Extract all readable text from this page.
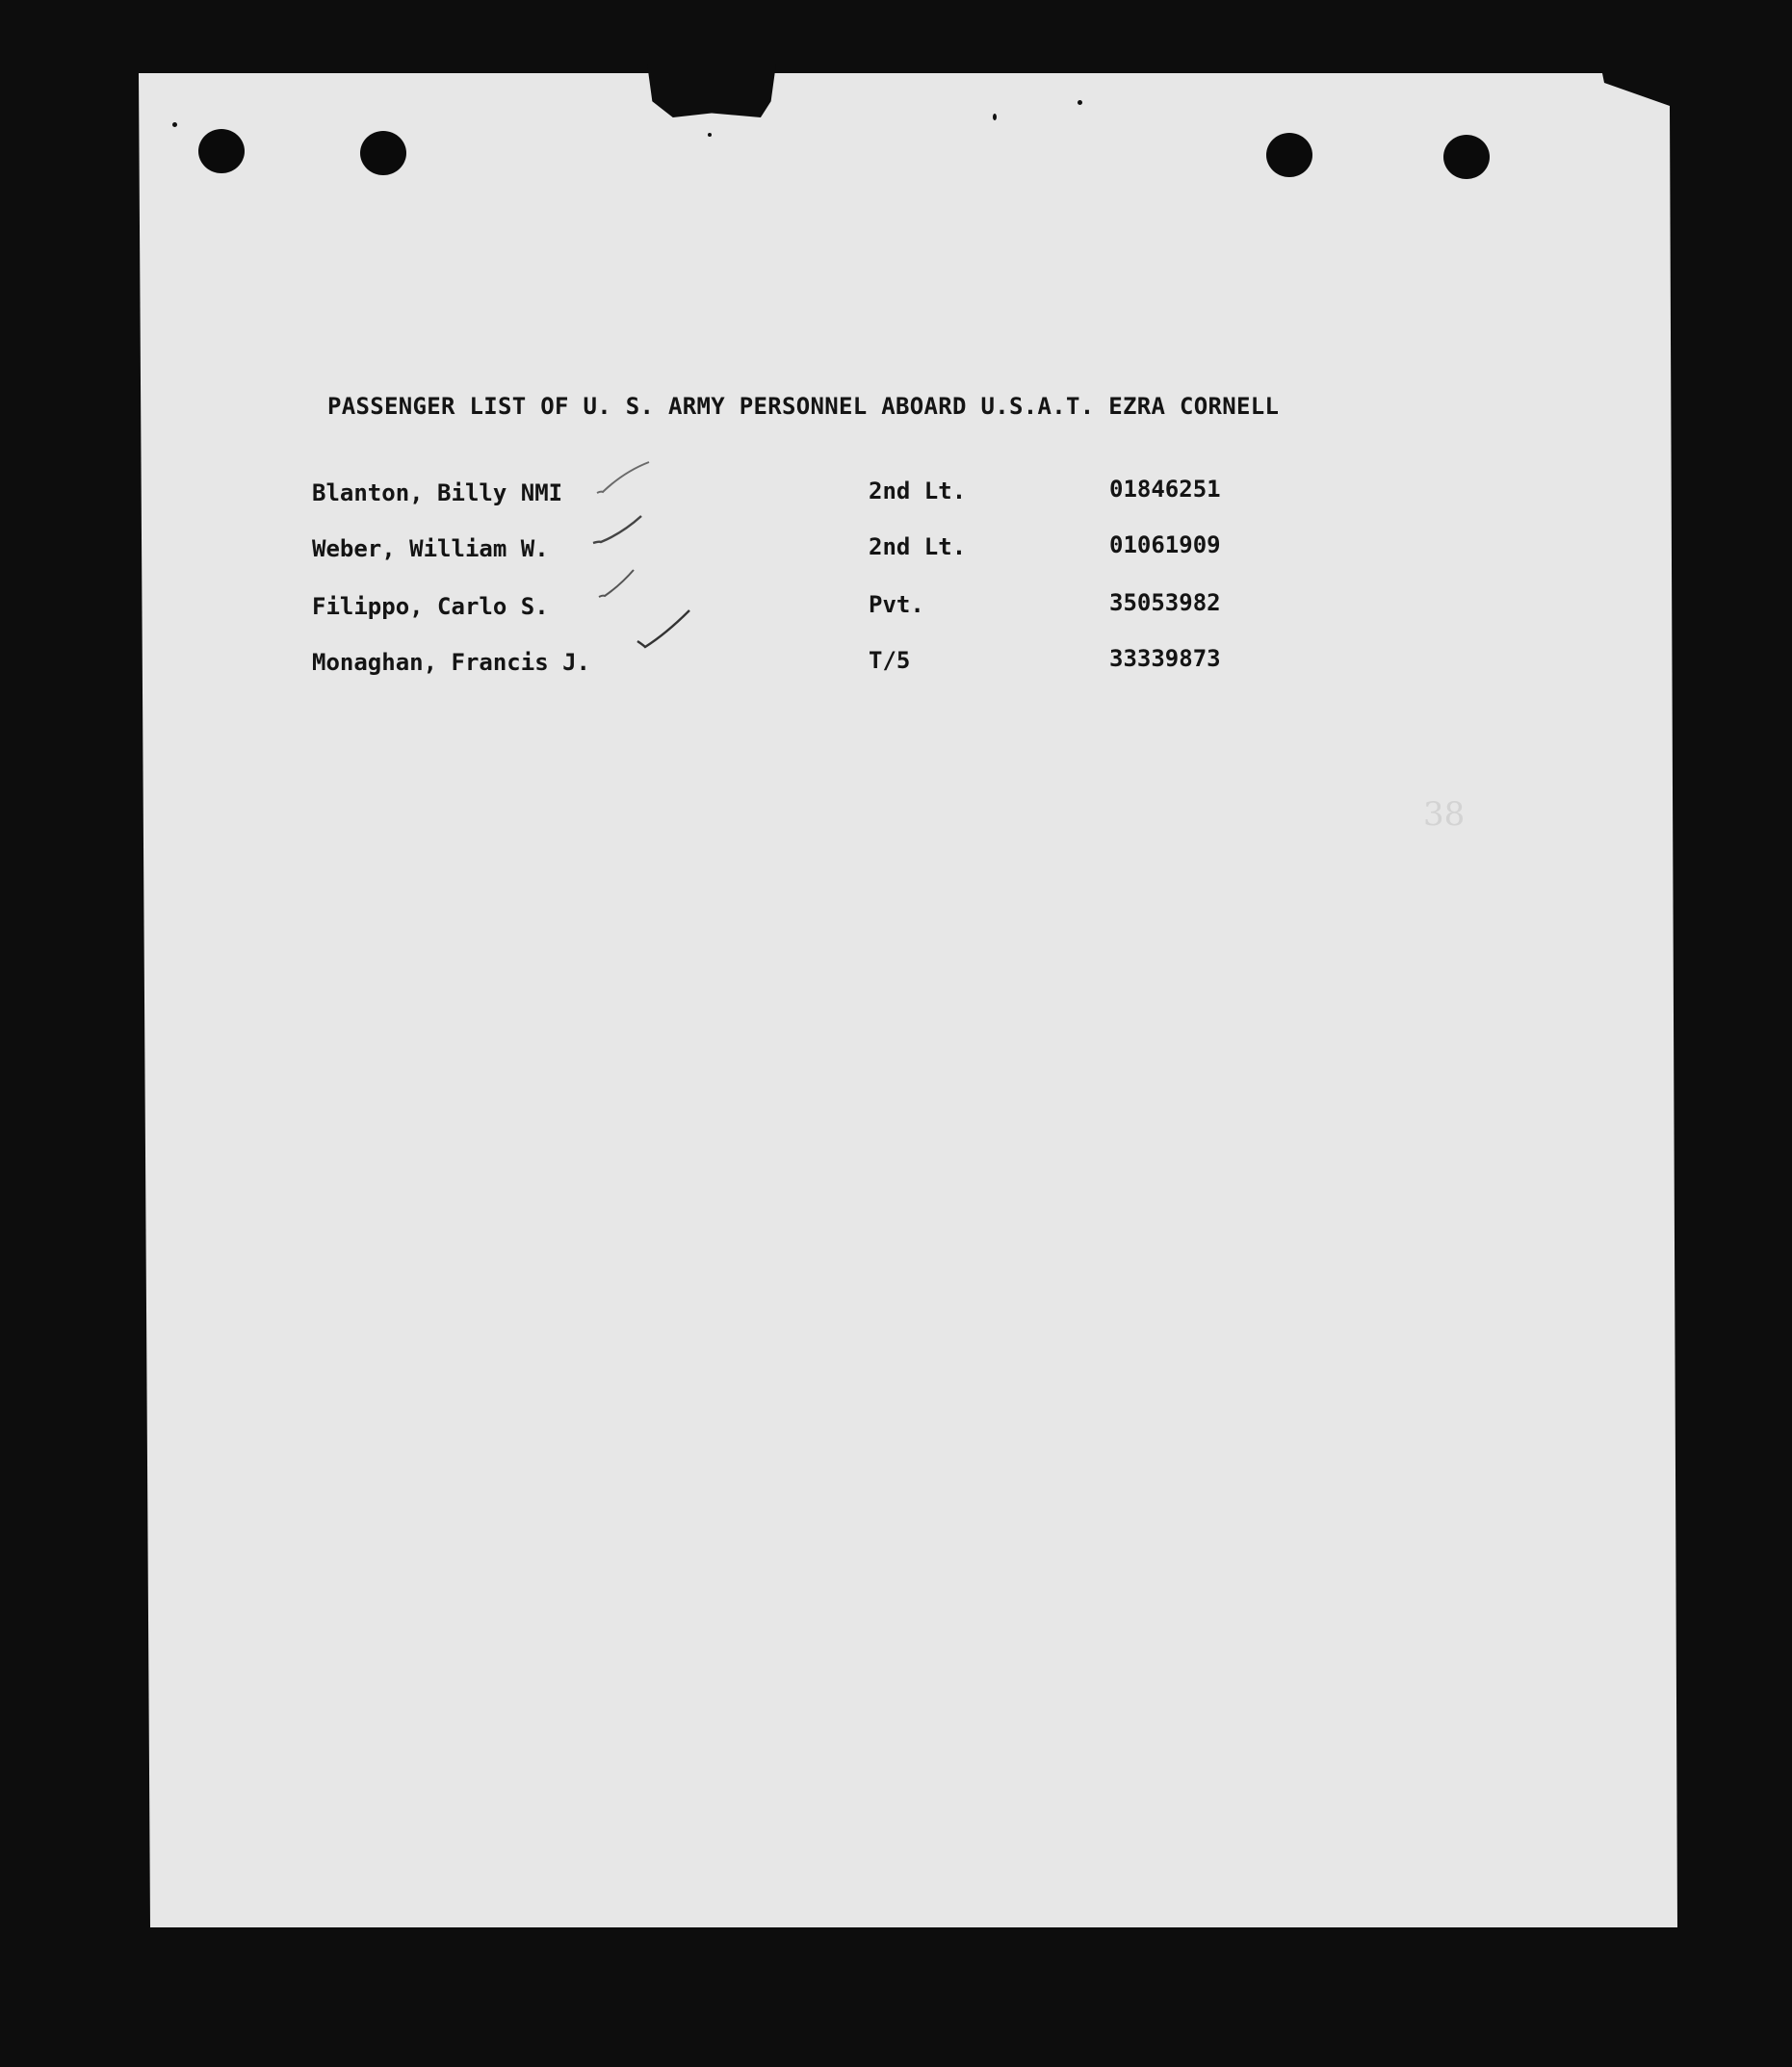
PASSENGER LIST OF U. S. ARMY PERSONNEL ABOARD U.S.A.T. EZRA CORNELL
Blanton, Billy NMI	2nd Lt.	01846251
Weber, William W.	2nd Lt.	01061909
Filippo, Carlo S.	Pvt.	35053982
Monaghan, Francis J.	T/5	33339873
38
